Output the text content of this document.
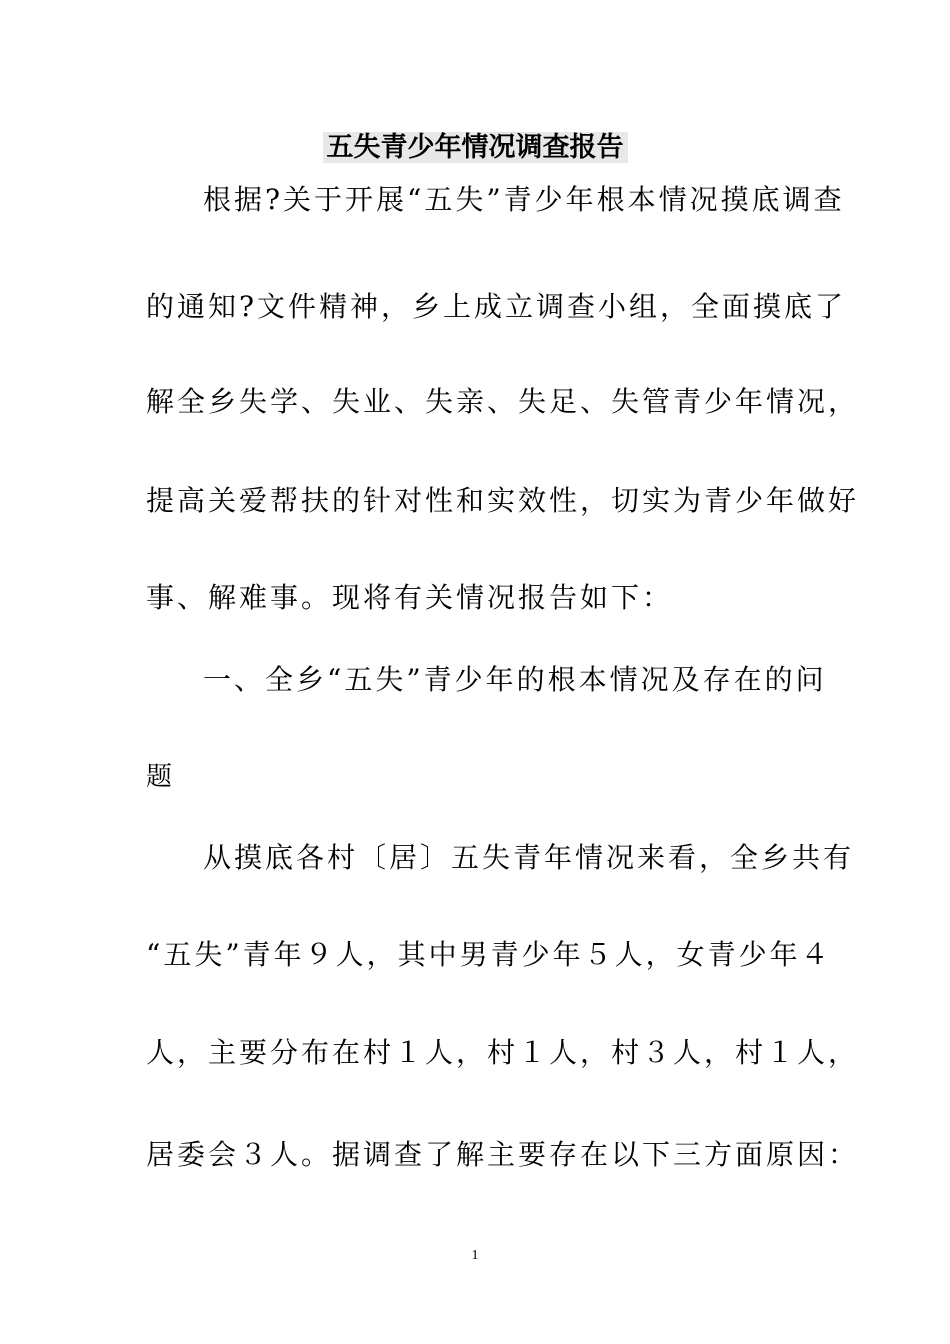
五失青少年情况调查报告
根据?关于开展“五失”青少年根本情况摸底调查
的通知?文件精神，乡上成立调查小组，全面摸底了
解全乡失学、失业、失亲、失足、失管青少年情况，
提高关爱帮扶的针对性和实效性，切实为青少年做好
事、解难事。现将有关情况报告如下：
一、全乡“五失”青少年的根本情况及存在的问
题
从摸底各村〔居〕五失青年情况来看，全乡共有
“五失”青年９人，其中男青少年５人，女青少年４
人，主要分布在村１人，村１人，村３人，村１人，
居委会３人。据调查了解主要存在以下三方面原因：
1
